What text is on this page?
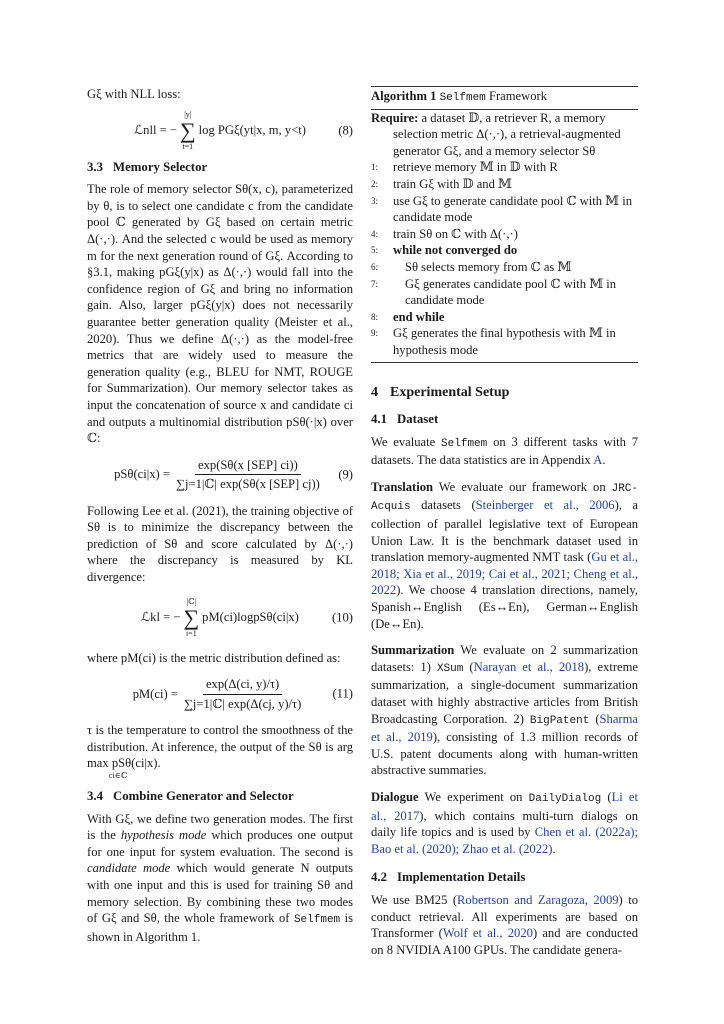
Gξ with NLL loss:

ℒnll = −
|y|
∑
t=1
log PGξ(yt|x, m, y<t)	(8)
3.3 Memory Selector

The role of memory selector Sθ(x, c), parameterized by θ, is to select one candidate c from the candidate pool ℂ generated by Gξ based on certain metric Δ(·,·). And the selected c would be used as memory m for the next generation round of Gξ. According to §3.1, making pGξ(y|x) as Δ(·,·) would fall into the confidence region of Gξ and bring no information gain. Also, larger pGξ(y|x) does not necessarily guarantee better generation quality (Meister et al., 2020). Thus we define Δ(·,·) as the model-free metrics that are widely used to measure the generation quality (e.g., BLEU for NMT, ROUGE for Summarization). Our memory selector takes as input the concatenation of source x and candidate ci and outputs a multinomial distribution pSθ(·|x) over ℂ:

$pS\theta(ci|x) = \frac{\text{exp(Sθ(x [SEP] ci))}}{\text{∑j=1|ℂ| exp(Sθ(x [SEP] cj))}} (9)$

Following Lee et al. (2021), the training objective of Sθ is to minimize the discrepancy between the prediction of Sθ and score calculated by Δ(·,·) where the discrepancy is measured by KL divergence:

ℒkl = −
|ℂ|
∑
i=1
pM(ci)logpSθ(ci|x)	(10)

where pM(ci) is the metric distribution defined as:

$pM(ci) = \frac{\exp(\Delta(ci, y)/\tau)}{\text{∑j=1|ℂ| exp(Δ(cj, y)/τ)}} (11)$

τ is the temperature to control the smoothness of the distribution. At inference, the output of the Sθ is arg max pSθ(ci|x).

ci∈ℂ
3.4 Combine Generator and Selector

With Gξ, we define two generation modes. The first is the hypothesis mode which produces one output for one input for system evaluation. The second is candidate mode which would generate N outputs with one input and this is used for training Sθ and memory selection. By combining these two modes of Gξ and Sθ, the whole framework of Selfmem is shown in Algorithm 1.

Algorithm 1 Selfmem Framework
Require: a dataset 𝔻, a retriever R, a memory selection metric Δ(·,·), a retrieval-augmented generator Gξ, and a memory selector Sθ
1:	retrieve memory 𝕄 in 𝔻 with R
2:	train Gξ with 𝔻 and 𝕄
3:	use Gξ to generate candidate pool ℂ with 𝕄 in candidate mode
4:	train Sθ on ℂ with Δ(·,·)
5:	while not converged do
6:	Sθ selects memory from ℂ as 𝕄
7:	Gξ generates candidate pool ℂ with 𝕄 in candidate mode
8:	end while
9:	Gξ generates the final hypothesis with 𝕄 in hypothesis mode
4 Experimental Setup
4.1 Dataset

We evaluate Selfmem on 3 different tasks with 7 datasets. The data statistics are in Appendix A.

Translation We evaluate our framework on JRC-Acquis datasets (Steinberger et al., 2006), a collection of parallel legislative text of European Union Law. It is the benchmark dataset used in translation memory-augmented NMT task (Gu et al., 2018; Xia et al., 2019; Cai et al., 2021; Cheng et al., 2022). We choose 4 translation directions, namely, Spanish↔English (Es↔En), German↔English (De↔En).

Summarization We evaluate on 2 summarization datasets: 1) XSum (Narayan et al., 2018), extreme summarization, a single-document summarization dataset with highly abstractive articles from British Broadcasting Corporation. 2) BigPatent (Sharma et al., 2019), consisting of 1.3 million records of U.S. patent documents along with human-written abstractive summaries.

Dialogue We experiment on DailyDialog (Li et al., 2017), which contains multi-turn dialogs on daily life topics and is used by Chen et al. (2022a); Bao et al. (2020); Zhao et al. (2022).

4.2 Implementation Details

We use BM25 (Robertson and Zaragoza, 2009) to conduct retrieval. All experiments are based on Transformer (Wolf et al., 2020) and are conducted on 8 NVIDIA A100 GPUs. The candidate genera-
